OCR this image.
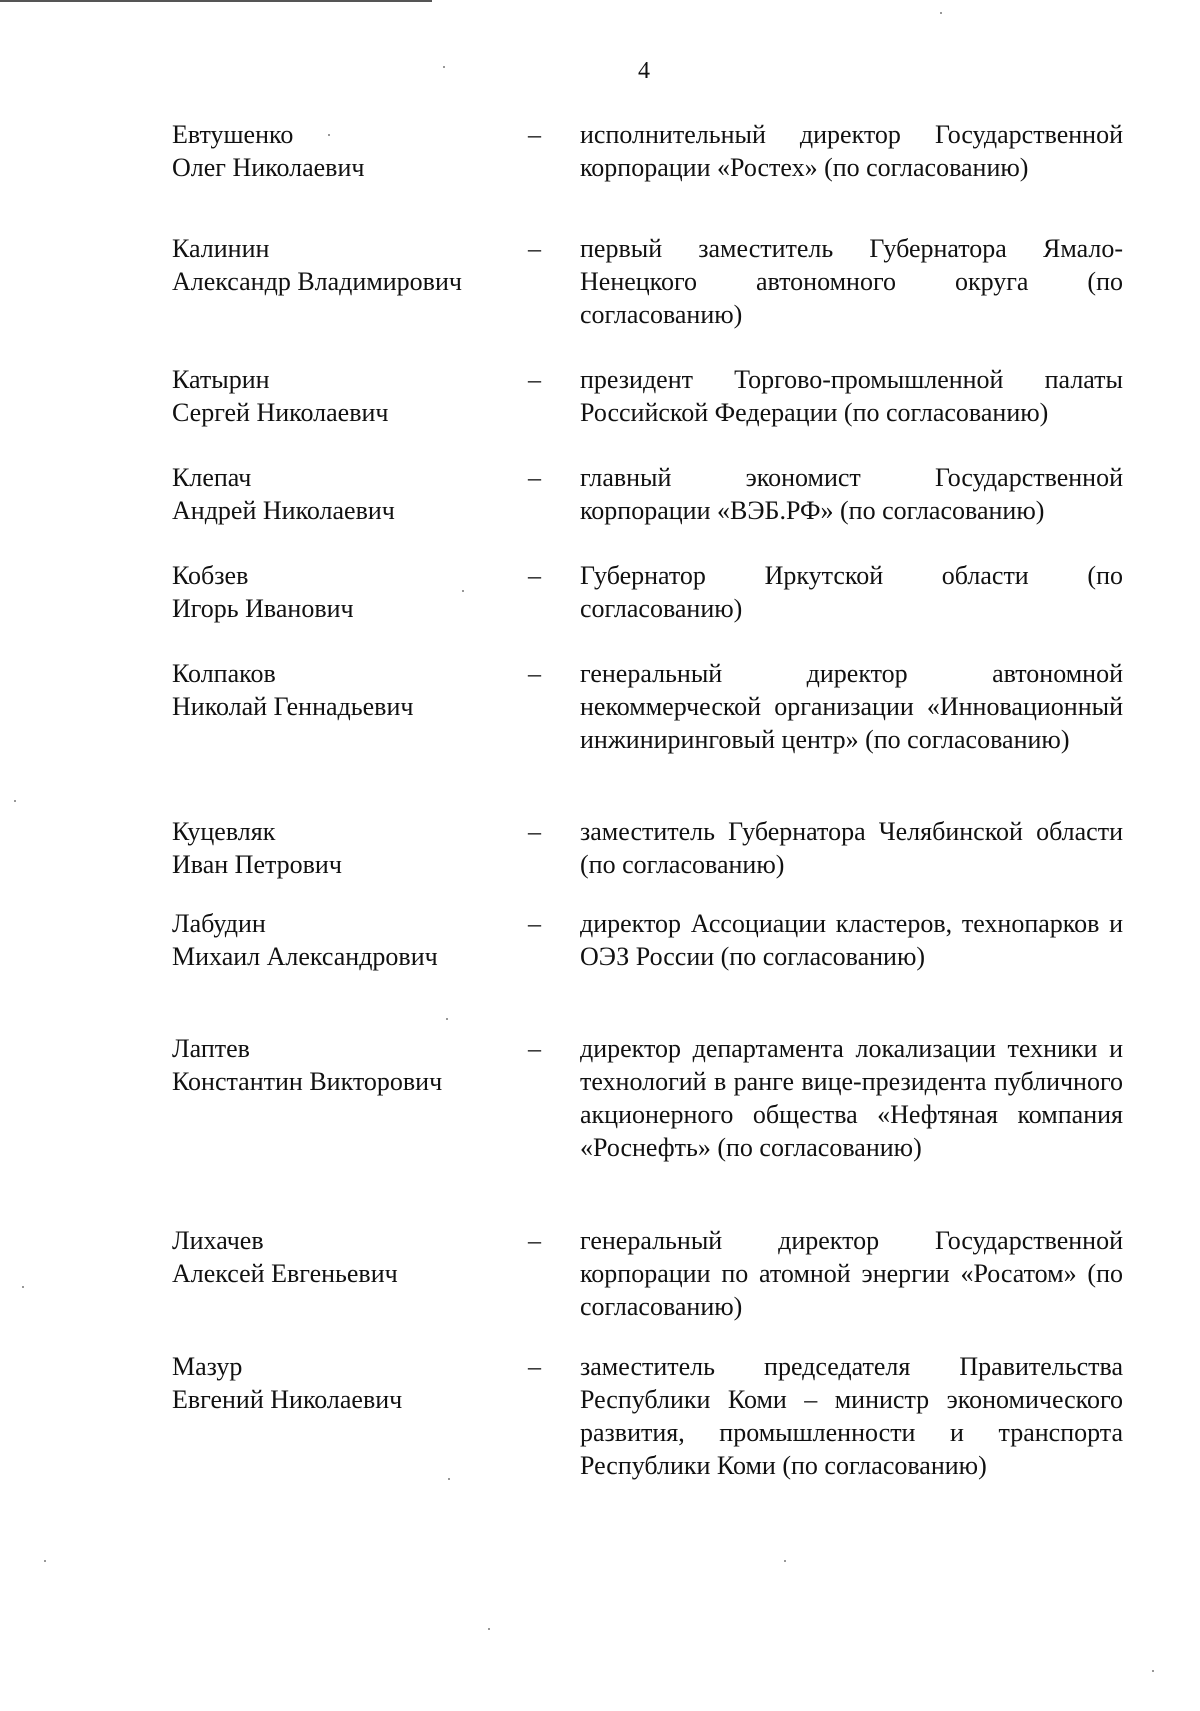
4
Евтушенко
Олег Николаевич
– исполнительный директор Государственной корпорации «Ростех» (по согласованию)
Калинин
Александр Владимирович
– первый заместитель Губернатора Ямало-Ненецкого автономного округа (по согласованию)
Катырин
Сергей Николаевич
– президент Торгово-промышленной палаты Российской Федерации (по согласованию)
Клепач
Андрей Николаевич
– главный экономист Государственной корпорации «ВЭБ.РФ» (по согласованию)
Кобзев
Игорь Иванович
– Губернатор Иркутской области (по согласованию)
Колпаков
Николай Геннадьевич
– генеральный директор автономной некоммерческой организации «Инновационный инжиниринговый центр» (по согласованию)
Куцевляк
Иван Петрович
– заместитель Губернатора Челябинской области (по согласованию)
Лабудин
Михаил Александрович
– директор Ассоциации кластеров, технопарков и ОЭЗ России (по согласованию)
Лаптев
Константин Викторович
– директор департамента локализации техники и технологий в ранге вице-президента публичного акционерного общества «Нефтяная компания «Роснефть» (по согласованию)
Лихачев
Алексей Евгеньевич
– генеральный директор Государственной корпорации по атомной энергии «Росатом» (по согласованию)
Мазур
Евгений Николаевич
– заместитель председателя Правительства Республики Коми – министр экономического развития, промышленности и транспорта Республики Коми (по согласованию)
